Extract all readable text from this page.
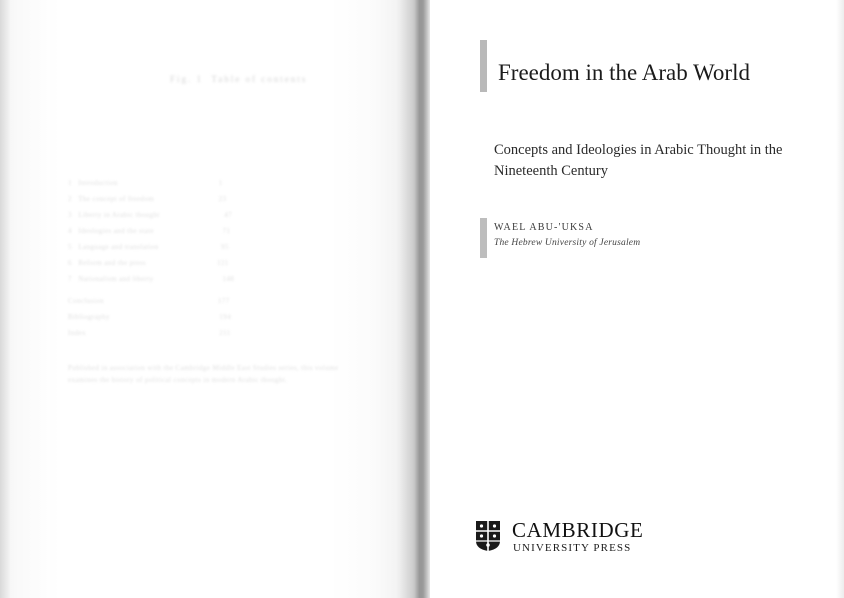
Fig. 1  Table of contents
1   Introduction                                               1
2   The concept of freedom                              23
3   Liberty in Arabic thought                              47
4   Ideologies and the state                                71
5   Language and translation                             95
6   Reform and the press                                 121
7   Nationalism and liberty                                148
Conclusion                                                     177
Bibliography                                                   194
Index                                                              211
Published in association with the Cambridge Middle East Studies series, this volume examines the history of political concepts in modern Arabic thought.

Freedom in the Arab World
Concepts and Ideologies in Arabic Thought in the Nineteenth Century
WAEL ABU-'UKSA
The Hebrew University of Jerusalem
CAMBRIDGE
UNIVERSITY PRESS
